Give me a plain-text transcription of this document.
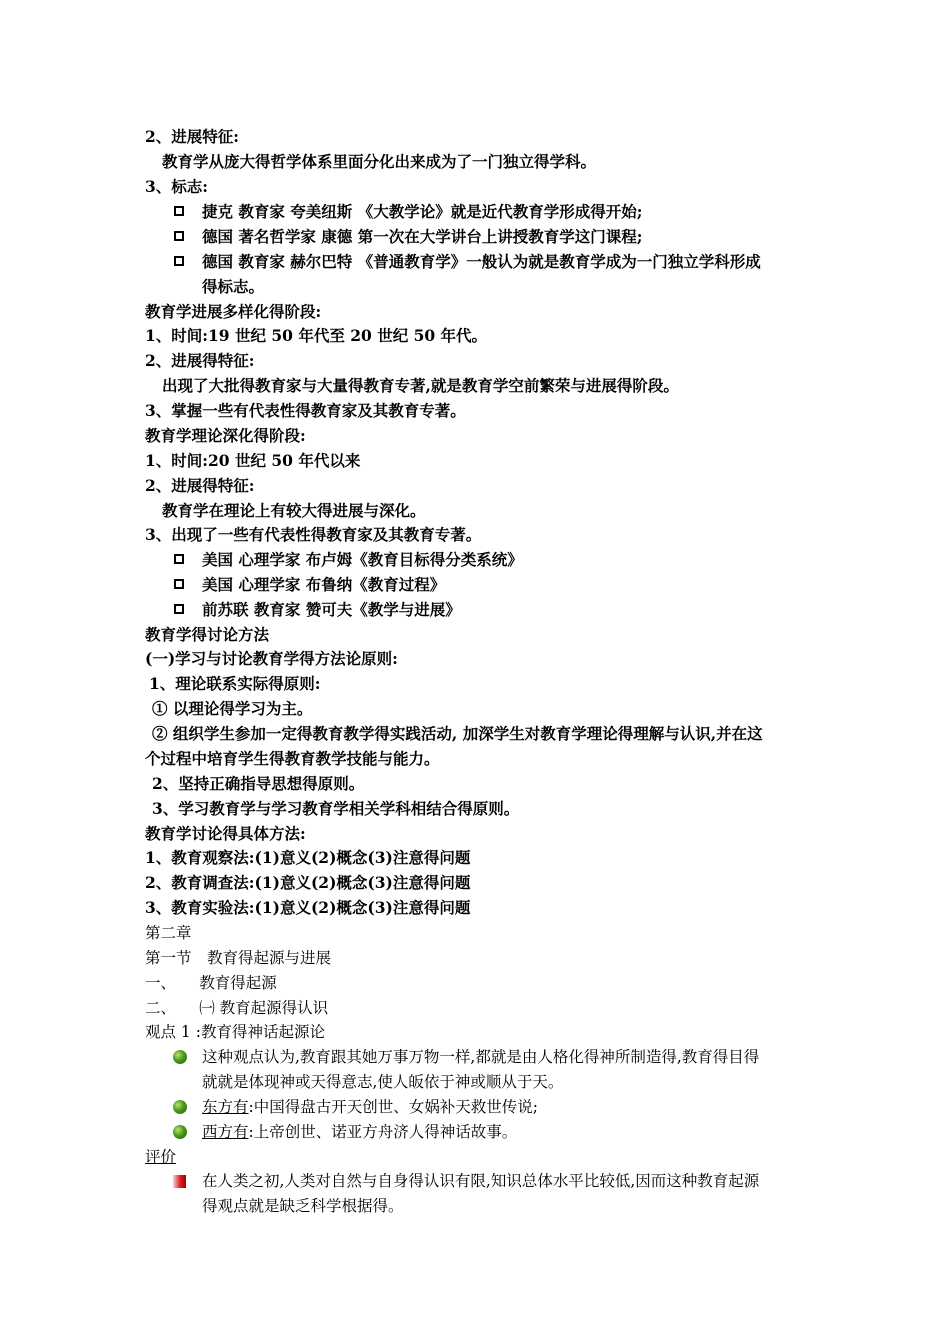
2、进展特征:
教育学从庞大得哲学体系里面分化出来成为了一门独立得学科。
3、标志:
捷克 教育家 夸美纽斯 《大教学论》就是近代教育学形成得开始;
德国 著名哲学家 康德 第一次在大学讲台上讲授教育学这门课程;
德国 教育家 赫尔巴特 《普通教育学》一般认为就是教育学成为一门独立学科形成
得标志。
教育学进展多样化得阶段:
1、时间:19 世纪 50 年代至 20 世纪 50 年代。
2、进展得特征:
出现了大批得教育家与大量得教育专著,就是教育学空前繁荣与进展得阶段。
3、掌握一些有代表性得教育家及其教育专著。
教育学理论深化得阶段:
1、时间:20 世纪 50 年代以来
2、进展得特征:
教育学在理论上有较大得进展与深化。
3、出现了一些有代表性得教育家及其教育专著。
美国 心理学家 布卢姆《教育目标得分类系统》
美国 心理学家 布鲁纳《教育过程》
前苏联 教育家 赞可夫《教学与进展》
教育学得讨论方法
(一)学习与讨论教育学得方法论原则:
1、理论联系实际得原则:
① 以理论得学习为主。
② 组织学生参加一定得教育教学得实践活动, 加深学生对教育学理论得理解与认识,并在这
个过程中培育学生得教育教学技能与能力。
2、坚持正确指导思想得原则。
3、学习教育学与学习教育学相关学科相结合得原则。
教育学讨论得具体方法:
1、教育观察法:(1)意义(2)概念(3)注意得问题
2、教育调查法:(1)意义(2)概念(3)注意得问题
3、教育实验法:(1)意义(2)概念(3)注意得问题
第二章
第一节　教育得起源与进展
一、　　教育得起源
二、　　㈠ 教育起源得认识
观点 1 :教育得神话起源论
这种观点认为,教育跟其她万事万物一样,都就是由人格化得神所制造得,教育得目得
就就是体现神或天得意志,使人皈依于神或顺从于天。
东方有:中国得盘古开天创世、女娲补天救世传说;
西方有:上帝创世、诺亚方舟济人得神话故事。
评价
在人类之初,人类对自然与自身得认识有限,知识总体水平比较低,因而这种教育起源
得观点就是缺乏科学根据得。
